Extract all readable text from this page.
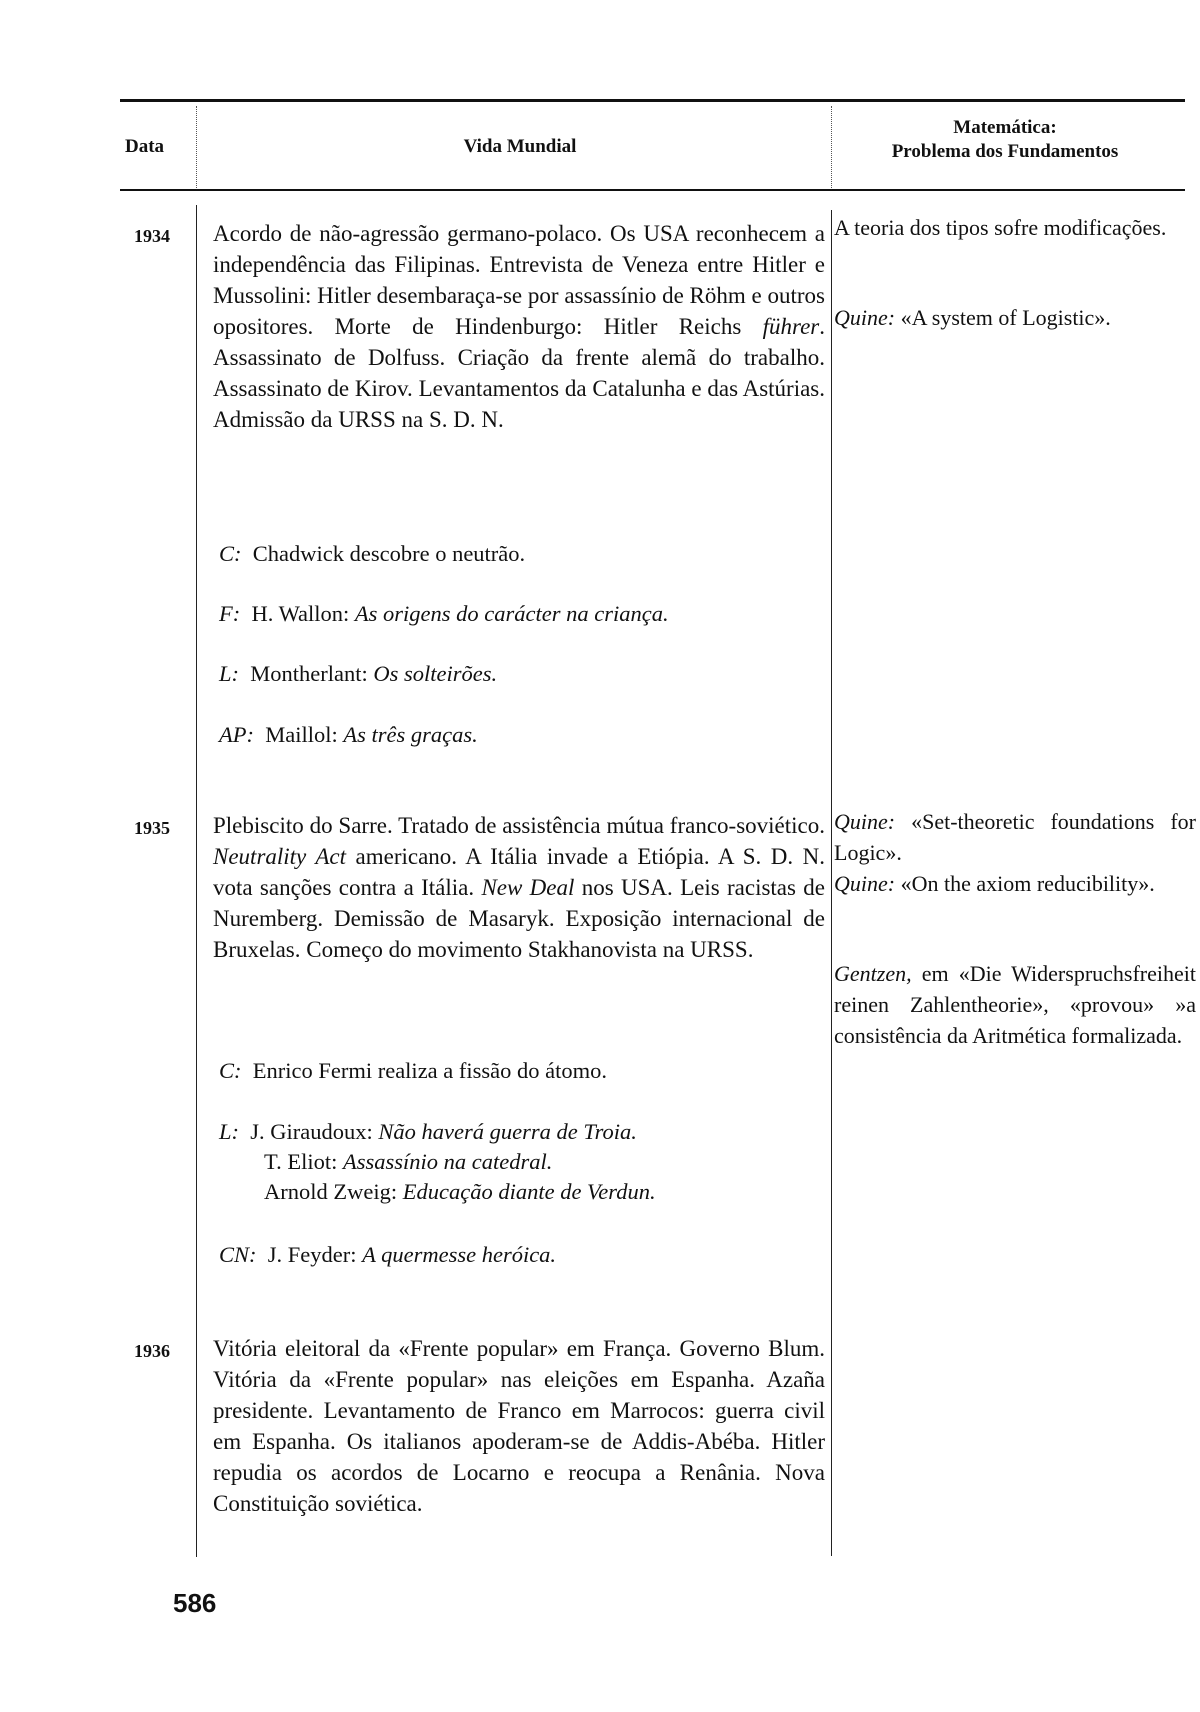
Data	Vida Mundial
Matemática:
Problema dos Fundamentos
1934 Acordo de não-agressão germano-polaco. Os USA reconhecem a independência das Filipinas. Entrevista de Veneza entre Hitler e Mussolini: Hitler desembaraça-se por assassínio de Röhm e outros opositores. Morte de Hindenburgo: Hitler Reichs führer. Assassinato de Dolfuss. Criação da frente alemã do trabalho. Assassinato de Kirov. Levantamentos da Catalunha e das Astúrias. Admissão da URSS na S. D. N.

C: Chadwick descobre o neutrão.
F: H. Wallon: As origens do carácter na criança.
L: Montherlant: Os solteirões.
AP: Maillol: As três graças.
A teoria dos tipos sofre modificações.
Quine: «A system of Logistic».
1935 Plebiscito do Sarre. Tratado de assistência mútua franco-soviético. Neutrality Act americano. A Itália invade a Etiópia. A S. D. N. vota sanções contra a Itália. New Deal nos USA. Leis racistas de Nuremberg. Demissão de Masaryk. Exposição internacional de Bruxelas. Começo do movimento Stakhanovista na URSS.

C: Enrico Fermi realiza a fissão do átomo.
L: J. Giraudoux: Não haverá guerra de Troia.
T. Eliot: Assassínio na catedral.
Arnold Zweig: Educação diante de Verdun.
CN: J. Feyder: A quermesse heróica.
Quine: «Set-theoretic foundations for Logic».
Quine: «On the axiom reducibility».
Gentzen, em «Die Widerspruchsfreiheit reinen Zahlentheorie», «provou» »a consistência da Aritmética formalizada.
1936 Vitória eleitoral da «Frente popular» em França. Governo Blum. Vitória da «Frente popular» nas eleições em Espanha. Azaña presidente. Levantamento de Franco em Marrocos: guerra civil em Espanha. Os italianos apoderam-se de Addis-Abéba. Hitler repudia os acordos de Locarno e reocupa a Renânia. Nova Constituição soviética.

586
